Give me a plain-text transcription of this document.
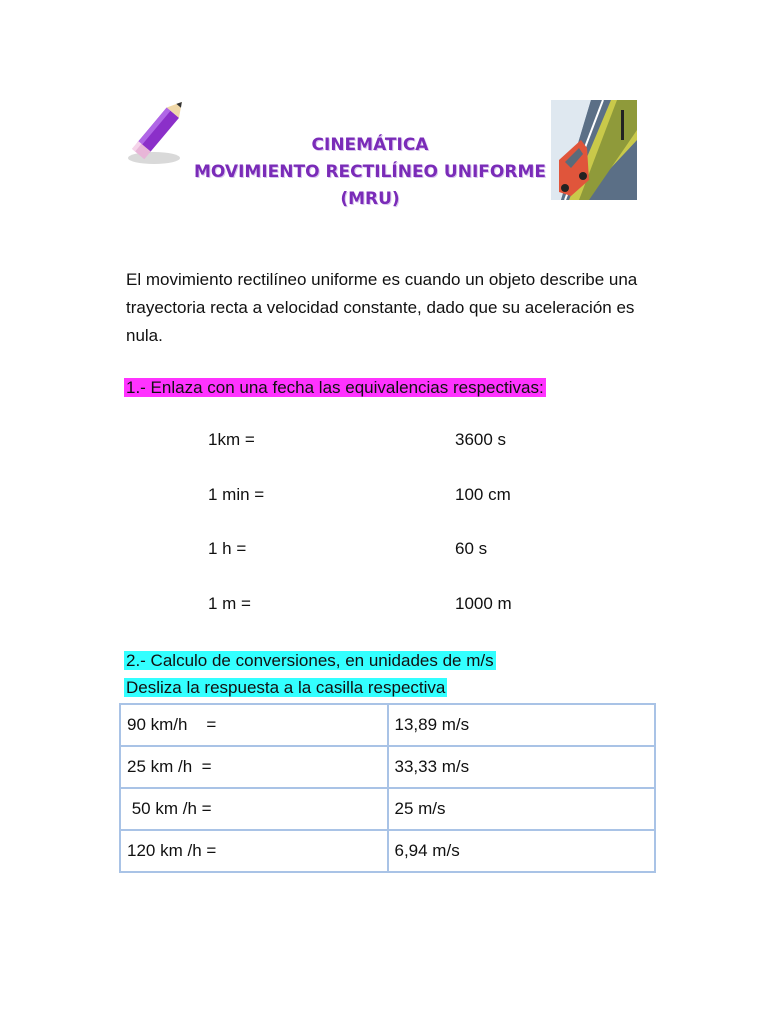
CINEMÁTICA
MOVIMIENTO RECTILÍNEO UNIFORME
(MRU)
El movimiento rectilíneo uniforme es cuando un objeto describe una trayectoria recta a velocidad constante, dado que su aceleración es nula.
1.- Enlaza con una fecha las equivalencias respectivas:
1km =	3600 s
1 min =	100 cm
1 h =	60 s
1 m =	1000 m
2.- Calculo de conversiones, en unidades de m/s
Desliza la respuesta a la casilla respectiva
90 km/h    =	13,89 m/s
25 km /h  =	33,33 m/s
50 km /h =	25 m/s
120 km /h =	6,94 m/s
